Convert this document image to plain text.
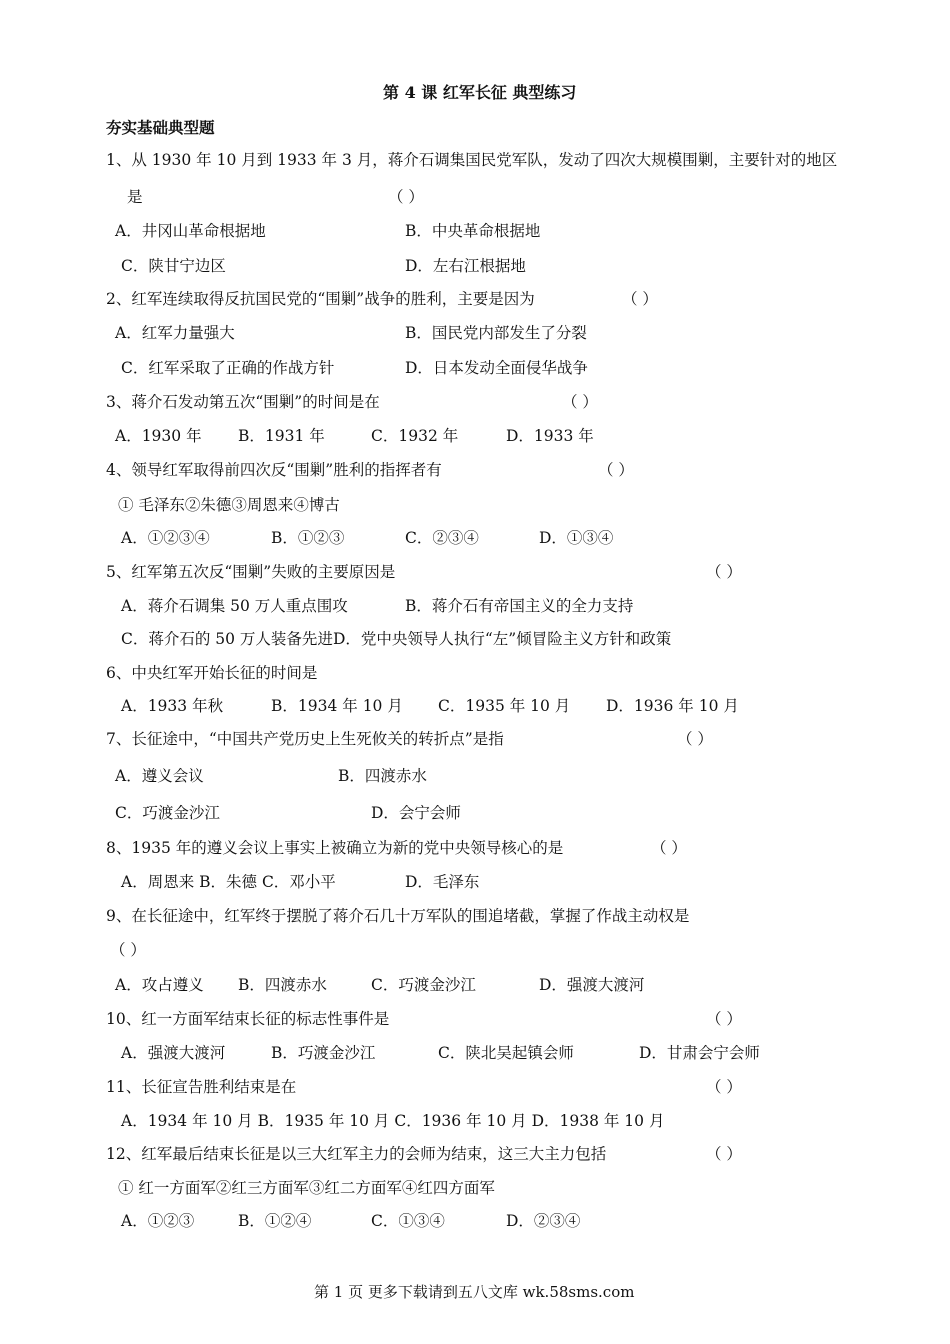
第 4 课 红军长征 典型练习
夯实基础典型题
1、从 1930 年 10 月到 1933 年 3 月，蒋介石调集国民党军队，发动了四次大规模围剿，主要针对的地区
是	（ ）
A．井冈山革命根据地	B．中央革命根据地
C．陕甘宁边区	D．左右江根据地
2、红军连续取得反抗国民党的“围剿”战争的胜利，主要是因为	（ ）
A．红军力量强大	B．国民党内部发生了分裂
C．红军采取了正确的作战方针	D．日本发动全面侵华战争
3、蒋介石发动第五次“围剿”的时间是在	（ ）
A．1930 年 B．1931 年	C．1932 年	D．1933 年
4、领导红军取得前四次反“围剿”胜利的指挥者有	（ ）
① 毛泽东②朱德③周恩来④博古
A．①②③④	B．①②③	C．②③④	D．①③④
5、红军第五次反“围剿”失败的主要原因是	（ ）
A．蒋介石调集 50 万人重点围攻	B．蒋介石有帝国主义的全力支持
C．蒋介石的 50 万人装备先进D．党中央领导人执行“左”倾冒险主义方针和政策
6、中央红军开始长征的时间是
A．1933 年秋	B．1934 年 10 月 C．1935 年 10 月 D．1936 年 10 月
7、长征途中，“中国共产党历史上生死攸关的转折点”是指	（ ）
A．遵义会议	B．四渡赤水
C．巧渡金沙江	D．会宁会师
8、1935 年的遵义会议上事实上被确立为新的党中央领导核心的是	（ ）
A．周恩来 B．朱德 C．邓小平	D．毛泽东
9、在长征途中，红军终于摆脱了蒋介石几十万军队的围追堵截，掌握了作战主动权是
（ ）
A．攻占遵义 B．四渡赤水	C．巧渡金沙江	D．强渡大渡河
10、红一方面军结束长征的标志性事件是	（ ）
A．强渡大渡河	B．巧渡金沙江	C．陕北吴起镇会师	D．甘肃会宁会师
11、长征宣告胜利结束是在	（ ）
A．1934 年 10 月 B．1935 年 10 月 C．1936 年 10 月 D．1938 年 10 月
12、红军最后结束长征是以三大红军主力的会师为结束，这三大主力包括	（ ）
① 红一方面军②红三方面军③红二方面军④红四方面军
A．①②③	B．①②④	C．①③④	D．②③④
第 1 页 更多下载请到五八文库 wk.58sms.com
